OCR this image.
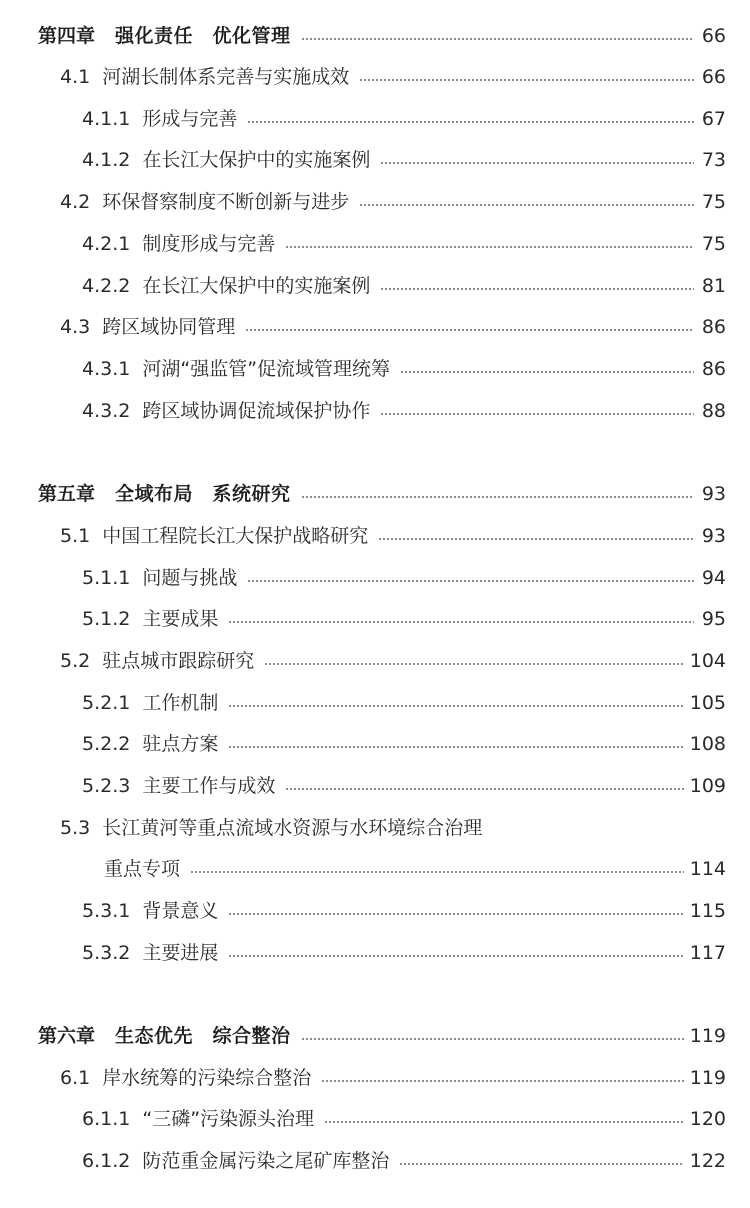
第四章 强化责任　优化管理	66
4.1 河湖长制体系完善与实施成效	66
4.1.1 形成与完善	67
4.1.2 在长江大保护中的实施案例	73
4.2 环保督察制度不断创新与进步	75
4.2.1 制度形成与完善	75
4.2.2 在长江大保护中的实施案例	81
4.3 跨区域协同管理	86
4.3.1 河湖“强监管”促流域管理统筹	86
4.3.2 跨区域协调促流域保护协作	88
第五章 全域布局　系统研究	93
5.1 中国工程院长江大保护战略研究	93
5.1.1 问题与挑战	94
5.1.2 主要成果	95
5.2 驻点城市跟踪研究	104
5.2.1 工作机制	105
5.2.2 驻点方案	108
5.2.3 主要工作与成效	109
5.3 长江黄河等重点流域水资源与水环境综合治理
重点专项	114
5.3.1 背景意义	115
5.3.2 主要进展	117
第六章 生态优先　综合整治	119
6.1 岸水统筹的污染综合整治	119
6.1.1 “三磷”污染源头治理	120
6.1.2 防范重金属污染之尾矿库整治	122
